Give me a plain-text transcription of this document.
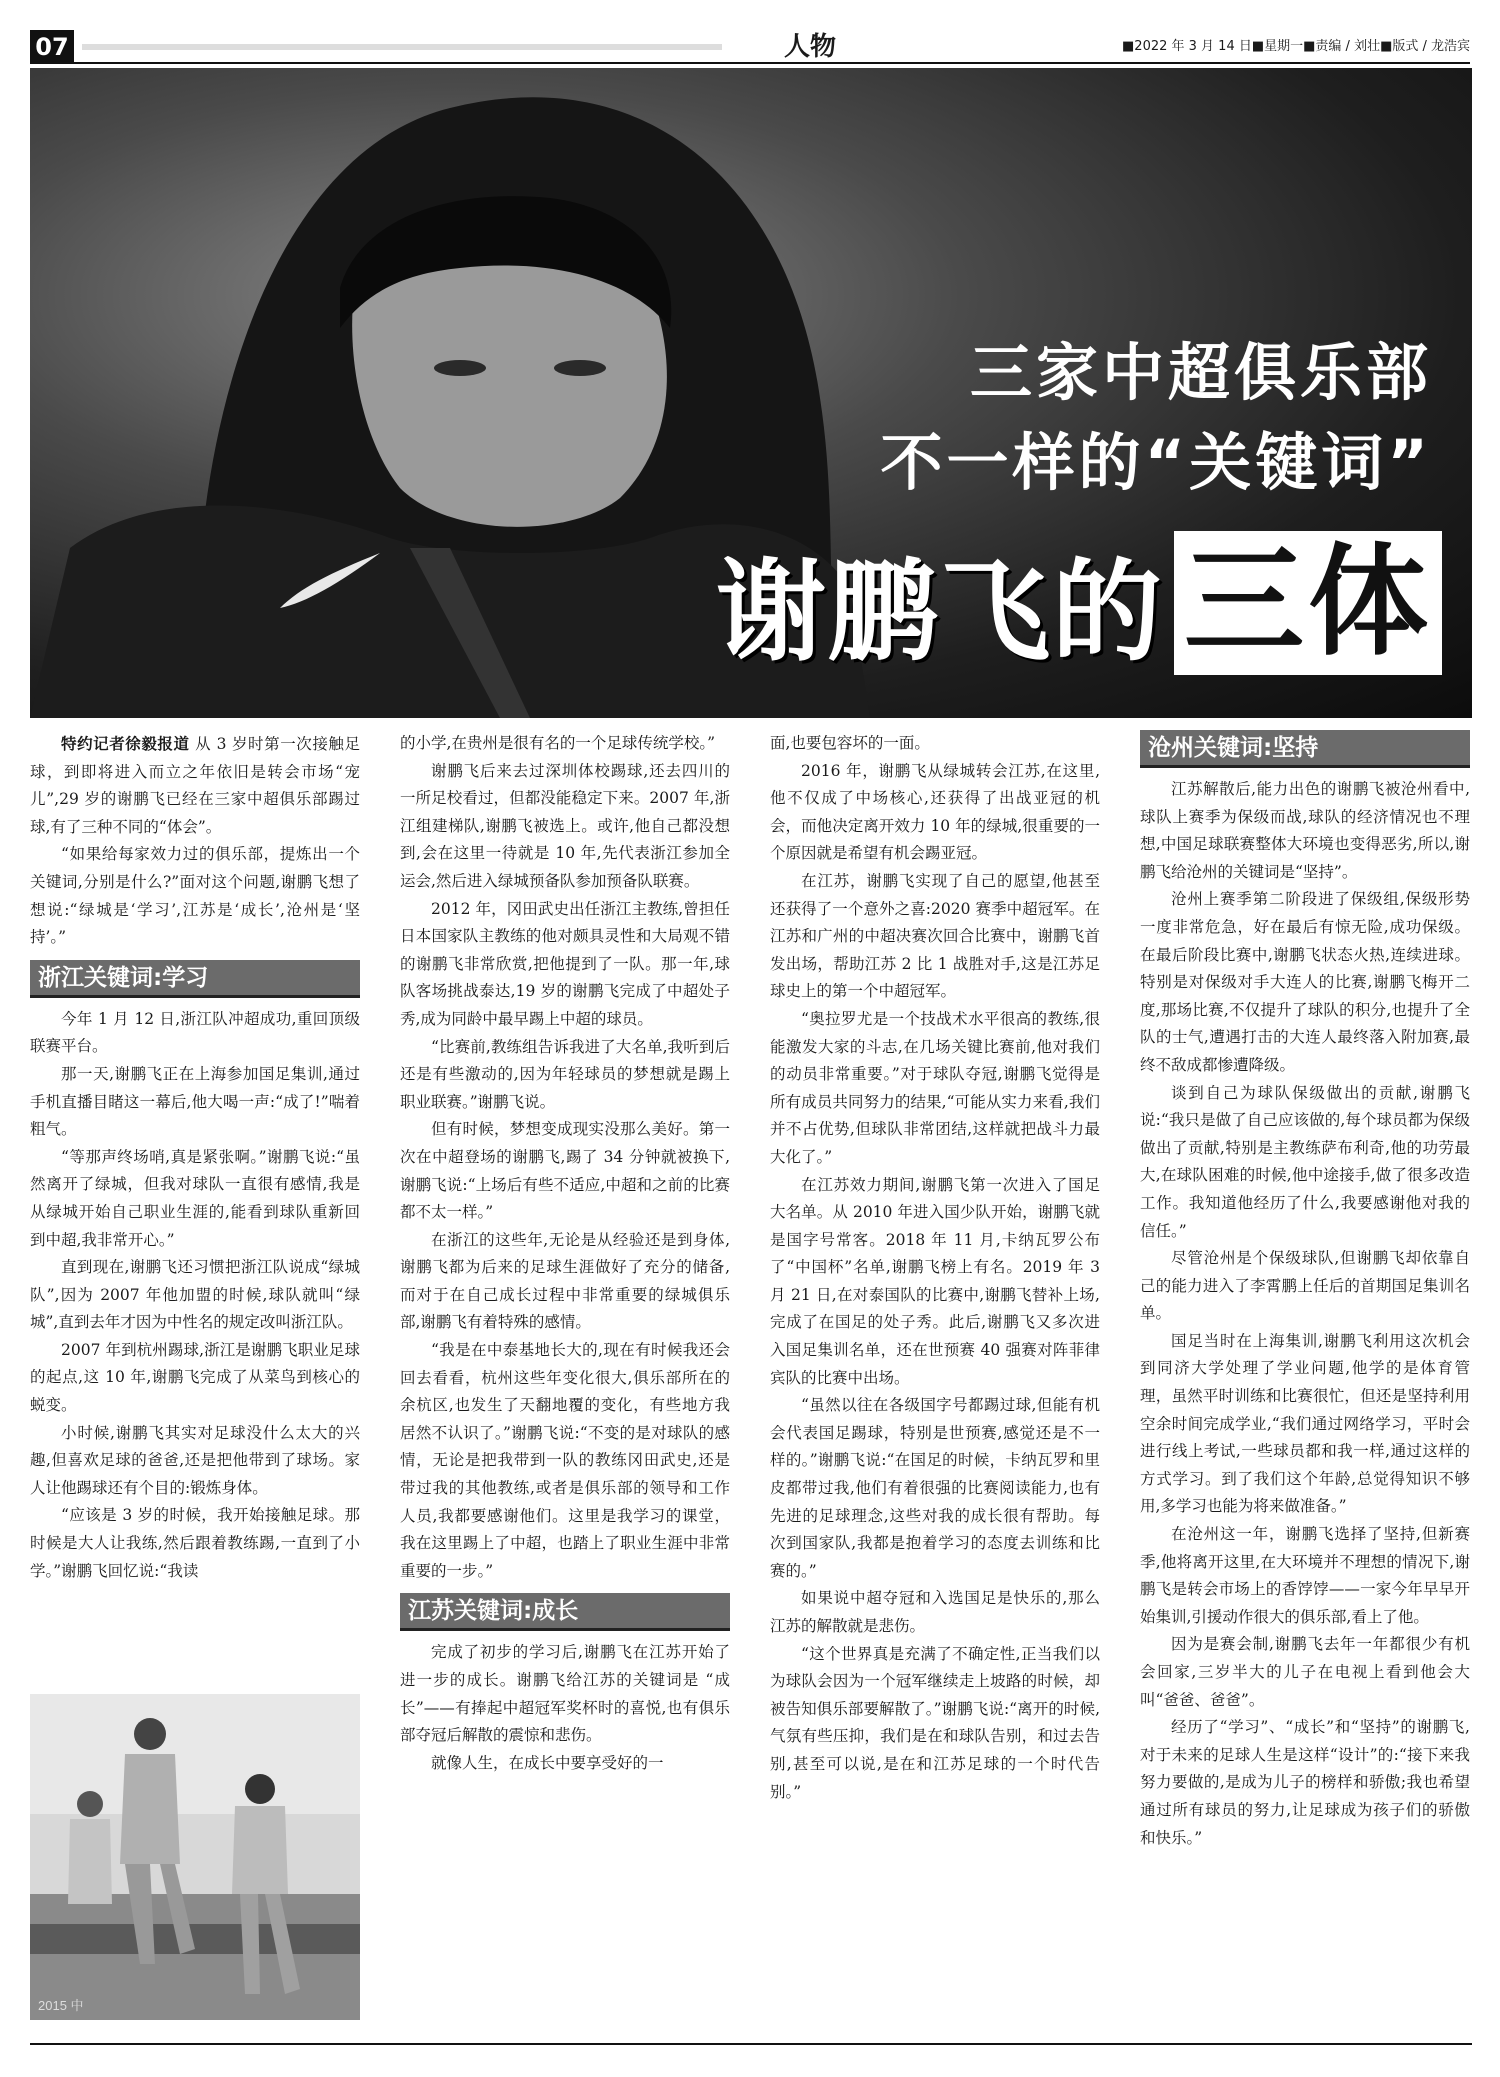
07	人物	■2022 年 3 月 14 日■星期一■责编 / 刘壮■版式 / 龙浩宾
三家中超俱乐部
不一样的“关键词”
谢鹏飞的 三体

特约记者徐毅报道 从 3 岁时第一次接触足球，到即将进入而立之年依旧是转会市场“宠儿”,29 岁的谢鹏飞已经在三家中超俱乐部踢过球,有了三种不同的“体会”。

“如果给每家效力过的俱乐部，提炼出一个关键词,分别是什么?”面对这个问题,谢鹏飞想了想说:“绿城是‘学习’,江苏是‘成长’,沧州是‘坚持’。”

浙江关键词:学习

今年 1 月 12 日,浙江队冲超成功,重回顶级联赛平台。

那一天,谢鹏飞正在上海参加国足集训,通过手机直播目睹这一幕后,他大喝一声:“成了!”喘着粗气。

“等那声终场哨,真是紧张啊。”谢鹏飞说:“虽然离开了绿城，但我对球队一直很有感情,我是从绿城开始自己职业生涯的,能看到球队重新回到中超,我非常开心。”

直到现在,谢鹏飞还习惯把浙江队说成“绿城队”,因为 2007 年他加盟的时候,球队就叫“绿城”,直到去年才因为中性名的规定改叫浙江队。

2007 年到杭州踢球,浙江是谢鹏飞职业足球的起点,这 10 年,谢鹏飞完成了从菜鸟到核心的蜕变。

小时候,谢鹏飞其实对足球没什么太大的兴趣,但喜欢足球的爸爸,还是把他带到了球场。家人让他踢球还有个目的:锻炼身体。

“应该是 3 岁的时候，我开始接触足球。那时候是大人让我练,然后跟着教练踢,一直到了小学。”谢鹏飞回忆说:“我读

2015 中

的小学,在贵州是很有名的一个足球传统学校。”

谢鹏飞后来去过深圳体校踢球,还去四川的一所足校看过，但都没能稳定下来。2007 年,浙江组建梯队,谢鹏飞被选上。或许,他自己都没想到,会在这里一待就是 10 年,先代表浙江参加全运会,然后进入绿城预备队参加预备队联赛。

2012 年，冈田武史出任浙江主教练,曾担任日本国家队主教练的他对颇具灵性和大局观不错的谢鹏飞非常欣赏,把他提到了一队。那一年,球队客场挑战泰达,19 岁的谢鹏飞完成了中超处子秀,成为同龄中最早踢上中超的球员。

“比赛前,教练组告诉我进了大名单,我听到后还是有些激动的,因为年轻球员的梦想就是踢上职业联赛。”谢鹏飞说。

但有时候，梦想变成现实没那么美好。第一次在中超登场的谢鹏飞,踢了 34 分钟就被换下,谢鹏飞说:“上场后有些不适应,中超和之前的比赛都不太一样。”

在浙江的这些年,无论是从经验还是到身体,谢鹏飞都为后来的足球生涯做好了充分的储备,而对于在自己成长过程中非常重要的绿城俱乐部,谢鹏飞有着特殊的感情。

“我是在中泰基地长大的,现在有时候我还会回去看看，杭州这些年变化很大,俱乐部所在的余杭区,也发生了天翻地覆的变化，有些地方我居然不认识了。”谢鹏飞说:“不变的是对球队的感情，无论是把我带到一队的教练冈田武史,还是带过我的其他教练,或者是俱乐部的领导和工作人员,我都要感谢他们。这里是我学习的课堂，我在这里踢上了中超，也踏上了职业生涯中非常重要的一步。”

江苏关键词:成长

完成了初步的学习后,谢鹏飞在江苏开始了进一步的成长。谢鹏飞给江苏的关键词是 “成长”——有捧起中超冠军奖杯时的喜悦,也有俱乐部夺冠后解散的震惊和悲伤。

就像人生，在成长中要享受好的一

面,也要包容坏的一面。

2016 年，谢鹏飞从绿城转会江苏,在这里,他不仅成了中场核心,还获得了出战亚冠的机会，而他决定离开效力 10 年的绿城,很重要的一个原因就是希望有机会踢亚冠。

在江苏，谢鹏飞实现了自己的愿望,他甚至还获得了一个意外之喜:2020 赛季中超冠军。在江苏和广州的中超决赛次回合比赛中，谢鹏飞首发出场，帮助江苏 2 比 1 战胜对手,这是江苏足球史上的第一个中超冠军。

“奥拉罗尤是一个技战术水平很高的教练,很能激发大家的斗志,在几场关键比赛前,他对我们的动员非常重要。”对于球队夺冠,谢鹏飞觉得是所有成员共同努力的结果,“可能从实力来看,我们并不占优势,但球队非常团结,这样就把战斗力最大化了。”

在江苏效力期间,谢鹏飞第一次进入了国足大名单。从 2010 年进入国少队开始，谢鹏飞就是国字号常客。2018 年 11 月,卡纳瓦罗公布了“中国杯”名单,谢鹏飞榜上有名。2019 年 3 月 21 日,在对泰国队的比赛中,谢鹏飞替补上场,完成了在国足的处子秀。此后,谢鹏飞又多次进入国足集训名单，还在世预赛 40 强赛对阵菲律宾队的比赛中出场。

“虽然以往在各级国字号都踢过球,但能有机会代表国足踢球，特别是世预赛,感觉还是不一样的。”谢鹏飞说:“在国足的时候，卡纳瓦罗和里皮都带过我,他们有着很强的比赛阅读能力,也有先进的足球理念,这些对我的成长很有帮助。每次到国家队,我都是抱着学习的态度去训练和比赛的。”

如果说中超夺冠和入选国足是快乐的,那么江苏的解散就是悲伤。

“这个世界真是充满了不确定性,正当我们以为球队会因为一个冠军继续走上坡路的时候，却被告知俱乐部要解散了。”谢鹏飞说:“离开的时候,气氛有些压抑，我们是在和球队告别，和过去告别,甚至可以说,是在和江苏足球的一个时代告别。”

沧州关键词:坚持

江苏解散后,能力出色的谢鹏飞被沧州看中,球队上赛季为保级而战,球队的经济情况也不理想,中国足球联赛整体大环境也变得恶劣,所以,谢鹏飞给沧州的关键词是“坚持”。

沧州上赛季第二阶段进了保级组,保级形势一度非常危急，好在最后有惊无险,成功保级。在最后阶段比赛中,谢鹏飞状态火热,连续进球。特别是对保级对手大连人的比赛,谢鹏飞梅开二度,那场比赛,不仅提升了球队的积分,也提升了全队的士气,遭遇打击的大连人最终落入附加赛,最终不敌成都惨遭降级。

谈到自己为球队保级做出的贡献,谢鹏飞说:“我只是做了自己应该做的,每个球员都为保级做出了贡献,特别是主教练萨布利奇,他的功劳最大,在球队困难的时候,他中途接手,做了很多改造工作。我知道他经历了什么,我要感谢他对我的信任。”

尽管沧州是个保级球队,但谢鹏飞却依靠自己的能力进入了李霄鹏上任后的首期国足集训名单。

国足当时在上海集训,谢鹏飞利用这次机会到同济大学处理了学业问题,他学的是体育管理，虽然平时训练和比赛很忙，但还是坚持利用空余时间完成学业,“我们通过网络学习，平时会进行线上考试,一些球员都和我一样,通过这样的方式学习。到了我们这个年龄,总觉得知识不够用,多学习也能为将来做准备。”

在沧州这一年，谢鹏飞选择了坚持,但新赛季,他将离开这里,在大环境并不理想的情况下,谢鹏飞是转会市场上的香饽饽——一家今年早早开始集训,引援动作很大的俱乐部,看上了他。

因为是赛会制,谢鹏飞去年一年都很少有机会回家,三岁半大的儿子在电视上看到他会大叫“爸爸、爸爸”。

经历了“学习”、“成长”和“坚持”的谢鹏飞,对于未来的足球人生是这样“设计”的:“接下来我努力要做的,是成为儿子的榜样和骄傲;我也希望通过所有球员的努力,让足球成为孩子们的骄傲和快乐。”
